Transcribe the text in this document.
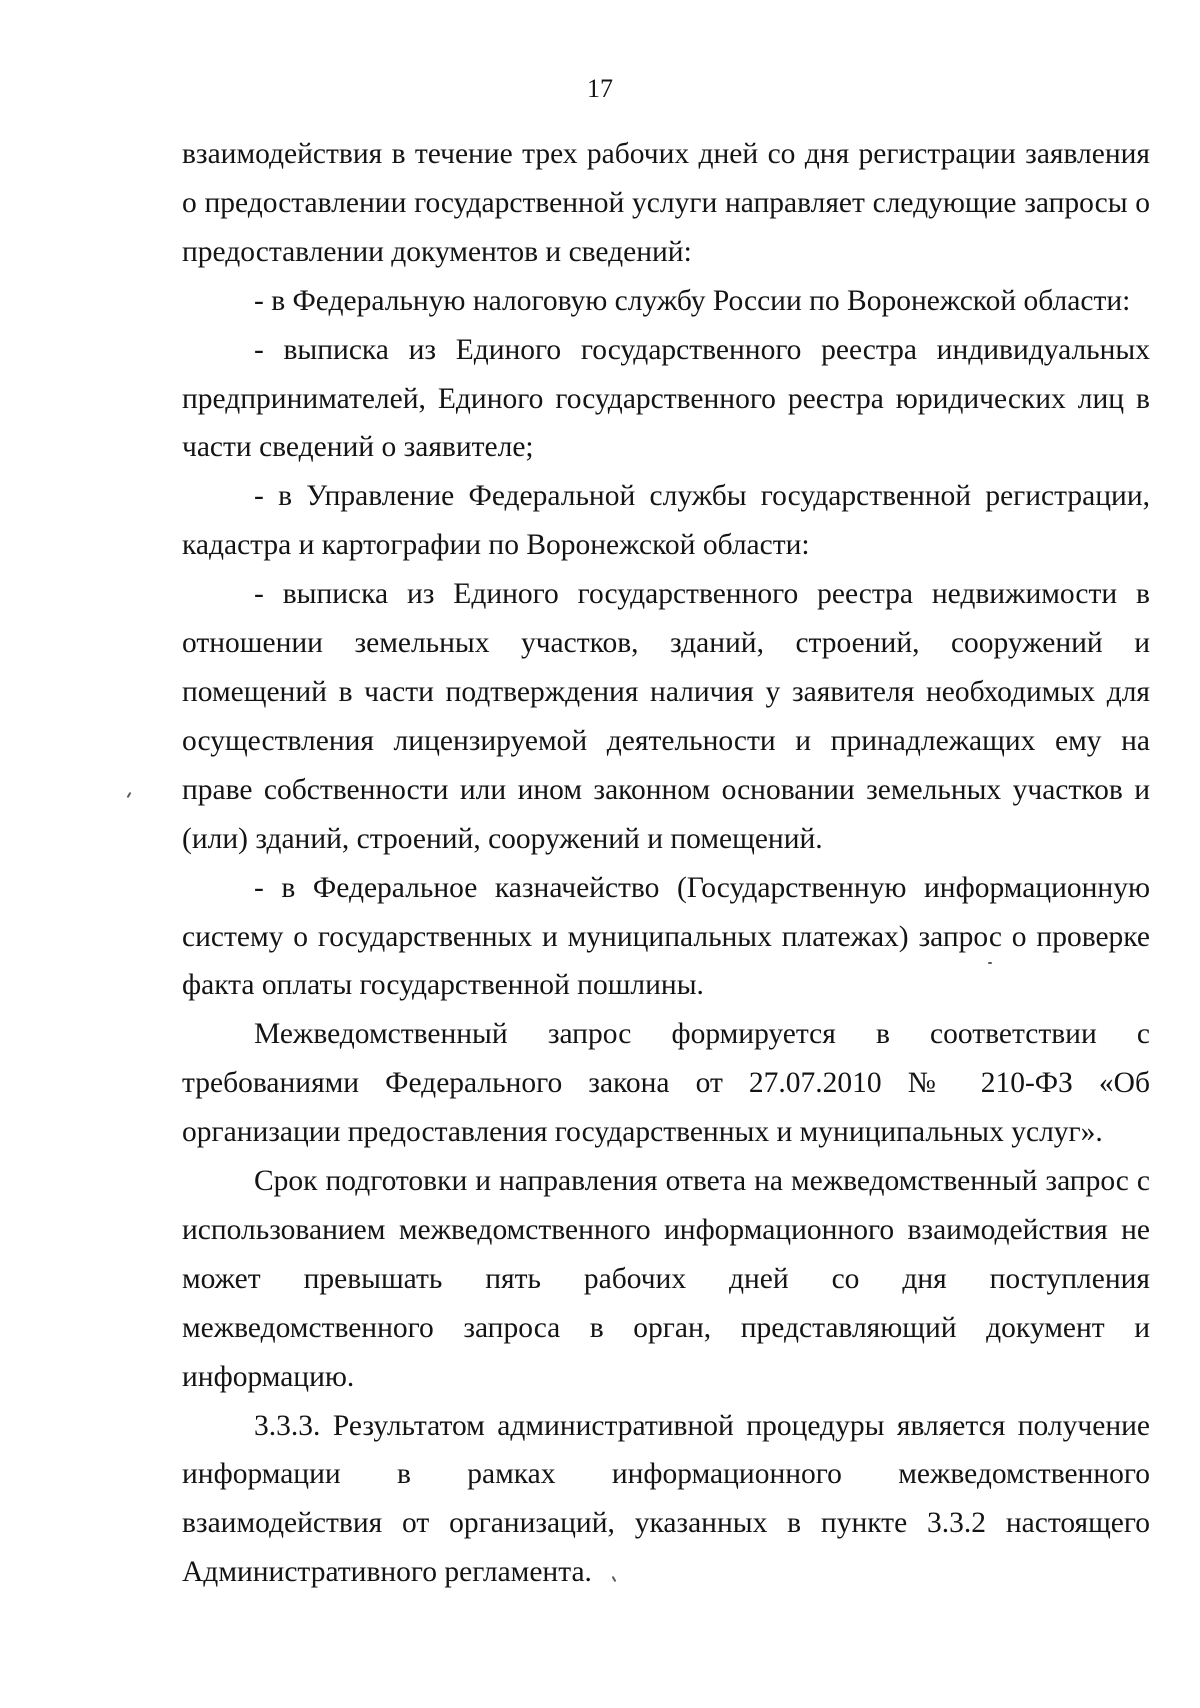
17

взаимодействия в течение трех рабочих дней со дня регистрации заявления о предоставлении государственной услуги направляет следующие запросы о предоставлении документов и сведений:

- в Федеральную налоговую службу России по Воронежской области:

- выписка из Единого государственного реестра индивидуальных предпринимателей, Единого государственного реестра юридических лиц в части сведений о заявителе;

- в Управление Федеральной службы государственной регистрации, кадастра и картографии по Воронежской области:

- выписка из Единого государственного реестра недвижимости в отношении земельных участков, зданий, строений, сооружений и помещений в части подтверждения наличия у заявителя необходимых для осуществления лицензируемой деятельности и принадлежащих ему на праве собственности или ином законном основании земельных участков и (или) зданий, строений, сооружений и помещений.

- в Федеральное казначейство (Государственную информационную систему о государственных и муниципальных платежах) запрос о проверке факта оплаты государственной пошлины.

Межведомственный запрос формируется в соответствии с требованиями Федерального закона от 27.07.2010 № 210-ФЗ «Об организации предоставления государственных и муниципальных услуг».

Срок подготовки и направления ответа на межведомственный запрос с использованием межведомственного информационного взаимодействия не может превышать пять рабочих дней со дня поступления межведомственного запроса в орган, представляющий документ и информацию.

3.3.3. Результатом административной процедуры является получение информации в рамках информационного межведомственного взаимодействия от организаций, указанных в пункте 3.3.2 настоящего Административного регламента.
